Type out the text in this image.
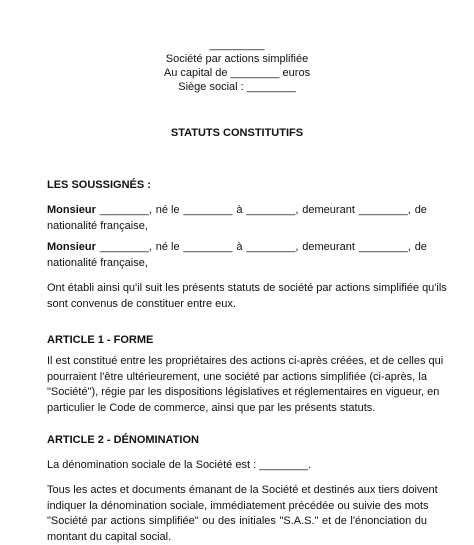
_________
Société par actions simplifiée
Au capital de ________ euros
Siège social : ________
STATUTS CONSTITUTIFS
LES SOUSSIGNÉS :
Monsieur ________, né le ________ à ________, demeurant ________, de
nationalité française,
Monsieur ________, né le ________ à ________, demeurant ________, de
nationalité française,
Ont établi ainsi qu'il suit les présents statuts de société par actions simplifiée qu'ils
sont convenus de constituer entre eux.
ARTICLE 1 - FORME
Il est constitué entre les propriétaires des actions ci-après créées, et de celles qui
pourraient l'être ultérieurement, une société par actions simplifiée (ci-après, la
"Société"), régie par les dispositions législatives et réglementaires en vigueur, en
particulier le Code de commerce, ainsi que par les présents statuts.
ARTICLE 2 - DÉNOMINATION
La dénomination sociale de la Société est : ________.
Tous les actes et documents émanant de la Société et destinés aux tiers doivent
indiquer la dénomination sociale, immédiatement précédée ou suivie des mots
"Société par actions simplifiée" ou des initiales "S.A.S." et de l'énonciation du
montant du capital social.
